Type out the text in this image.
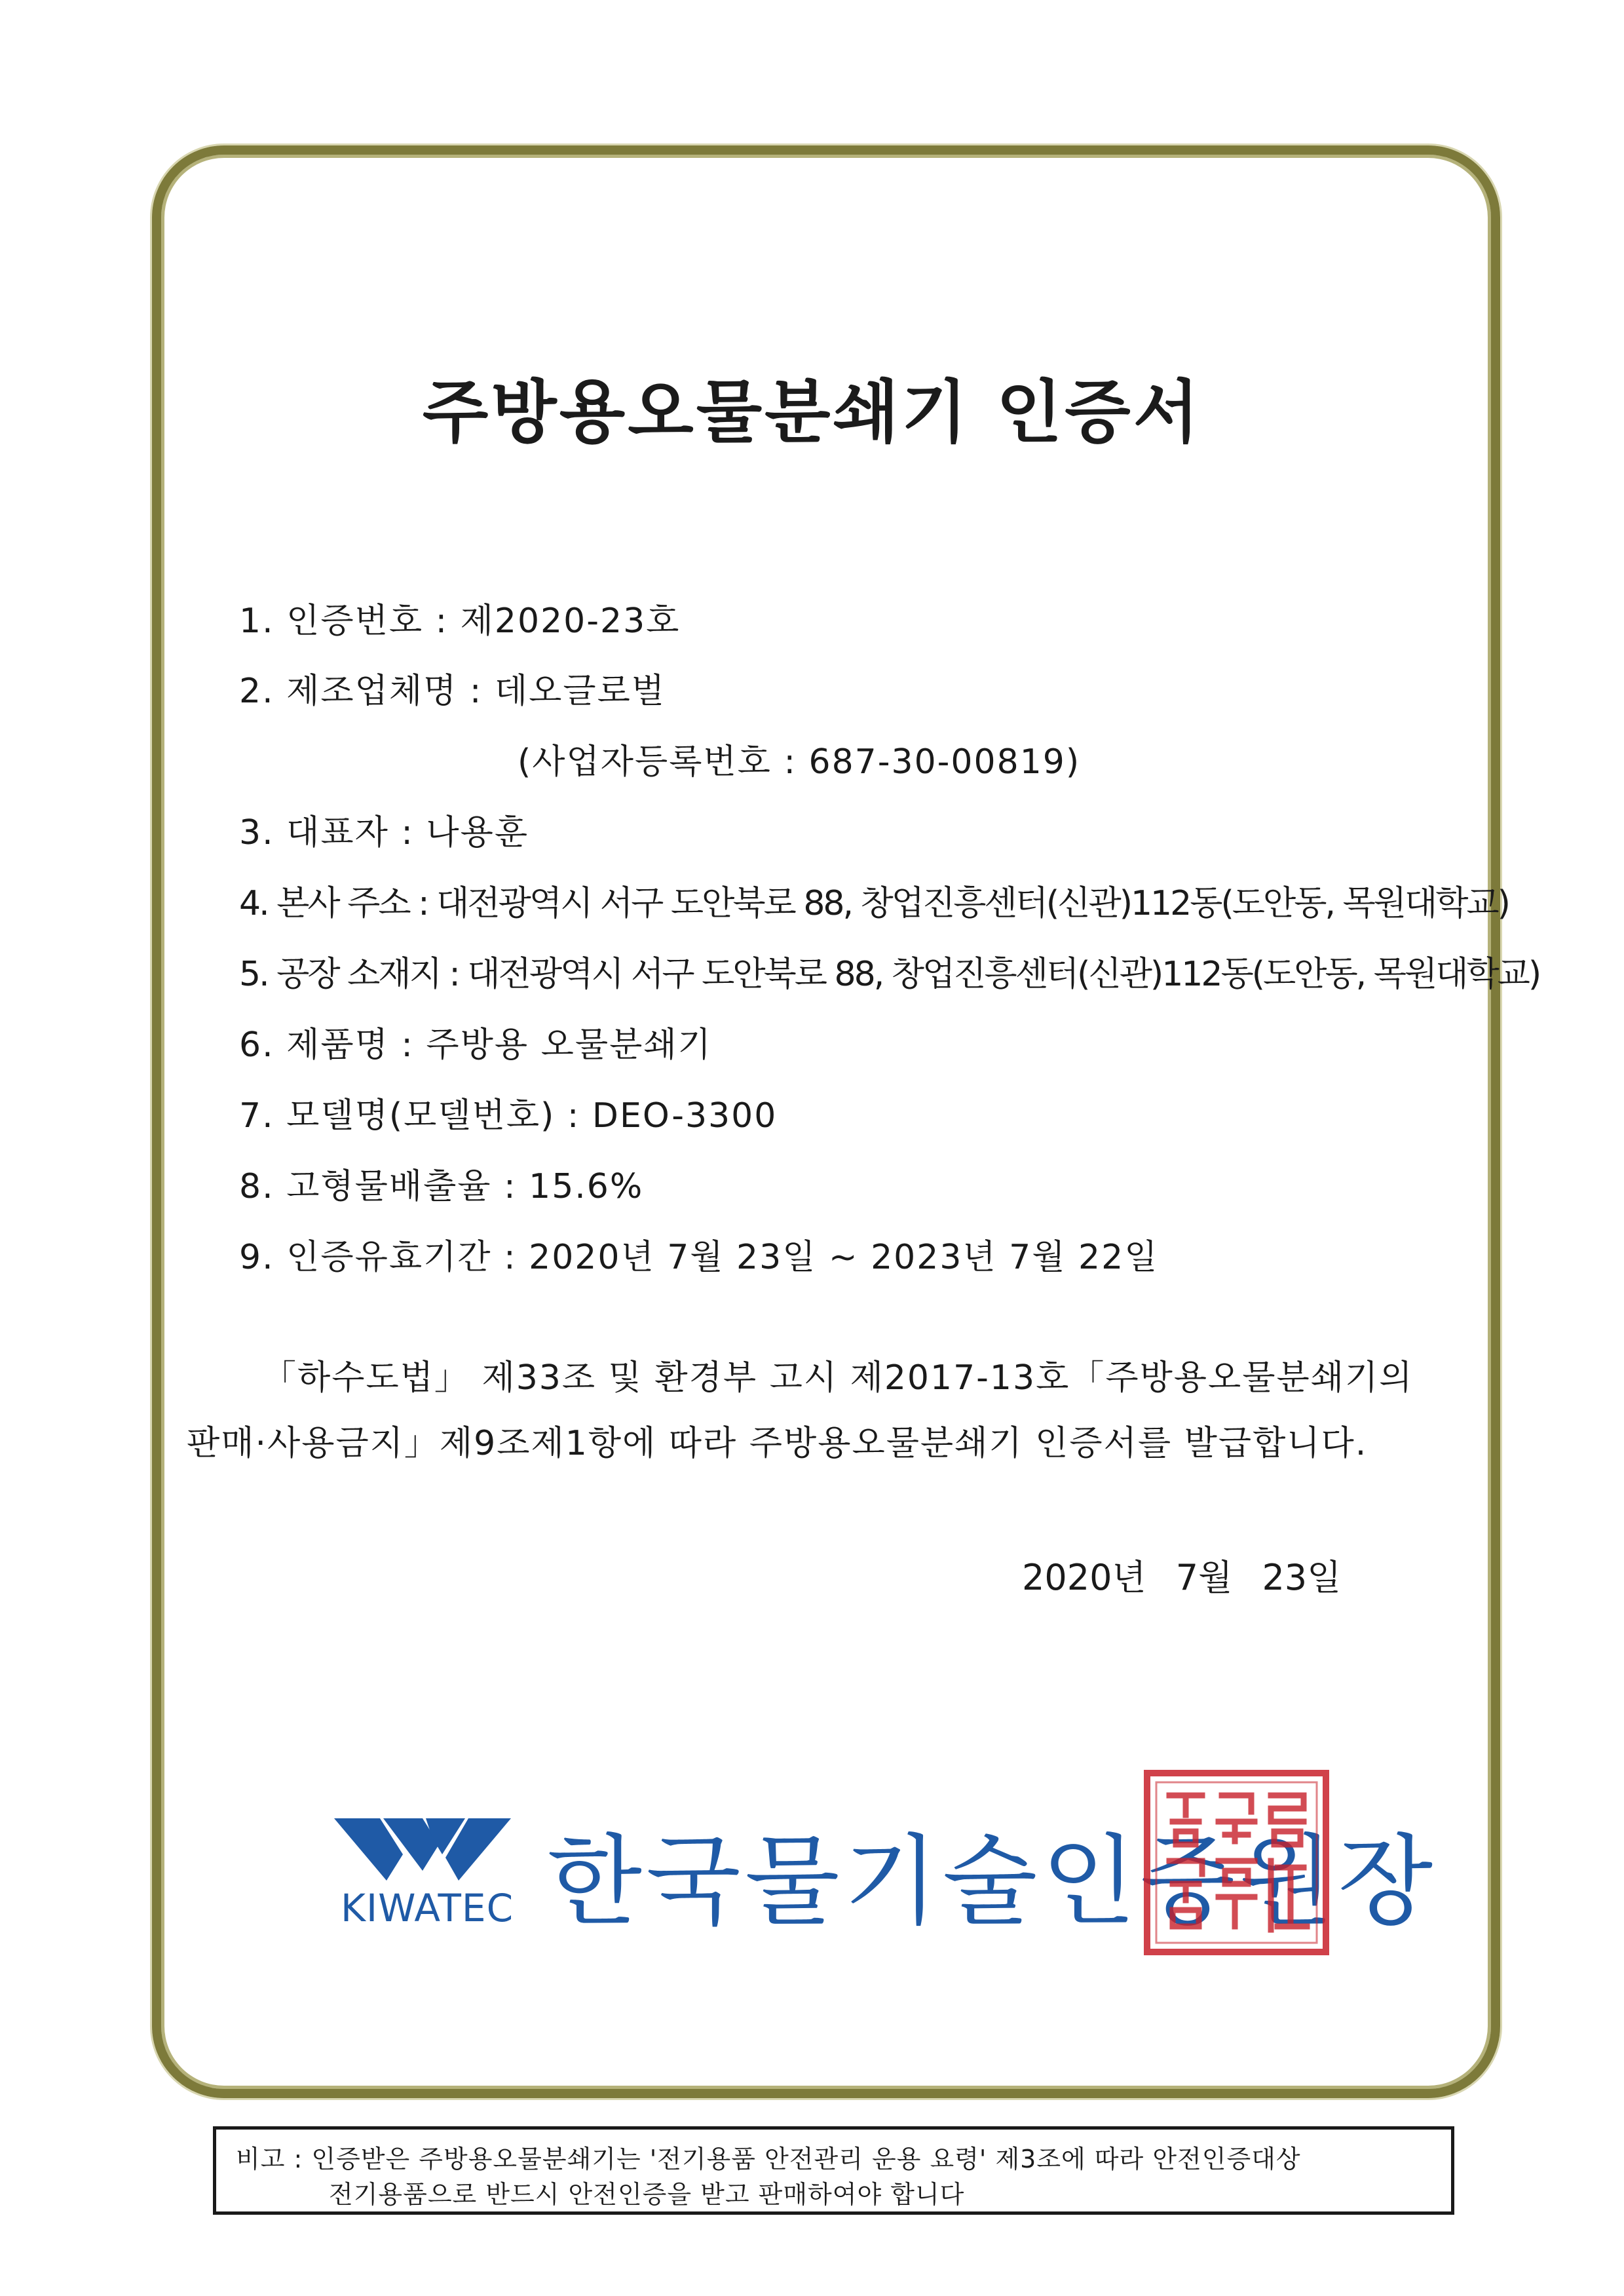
주방용오물분쇄기 인증서
1. 인증번호 : 제2020-23호
2. 제조업체명 : 데오글로벌
(사업자등록번호 : 687-30-00819)
3. 대표자 : 나용훈
4. 본사 주소 : 대전광역시 서구 도안북로 88, 창업진흥센터(신관)112동(도안동, 목원대학교)
5. 공장 소재지 : 대전광역시 서구 도안북로 88, 창업진흥센터(신관)112동(도안동, 목원대학교)
6. 제품명 : 주방용 오물분쇄기
7. 모델명(모델번호) : DEO-3300
8. 고형물배출율 : 15.6%
9. 인증유효기간 : 2020년 7월 23일 ~ 2023년 7월 22일
「하수도법」 제33조 및 환경부 고시 제2017-13호「주방용오물분쇄기의
판매·사용금지」제9조제1항에 따라 주방용오물분쇄기 인증서를 발급합니다.
2020년 7월 23일
KIWATEC 한국물기술인증원장
비고 : 인증받은 주방용오물분쇄기는 '전기용품 안전관리 운용 요령' 제3조에 따라 안전인증대상
전기용품으로 반드시 안전인증을 받고 판매하여야 합니다
